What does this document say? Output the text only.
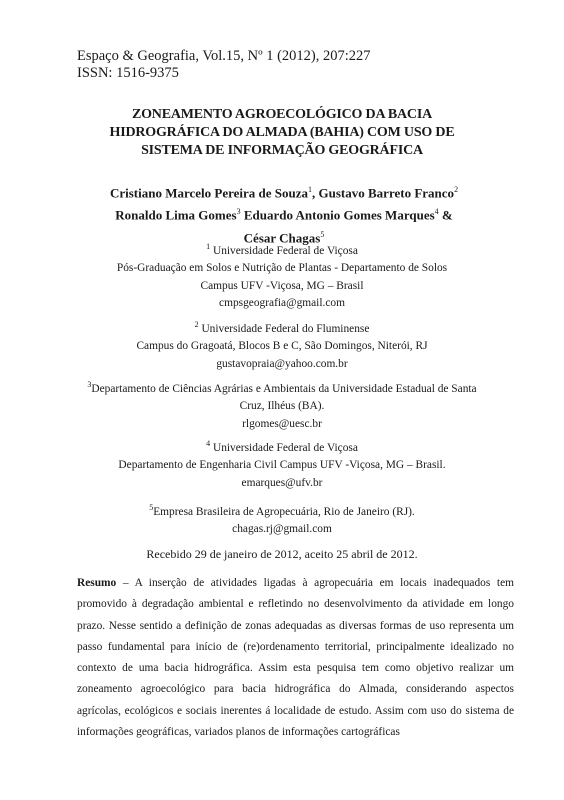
Espaço & Geografia, Vol.15, Nº 1 (2012), 207:227
ISSN: 1516-9375
ZONEAMENTO AGROECOLÓGICO DA BACIA
HIDROGRÁFICA DO ALMADA (BAHIA) COM USO DE
SISTEMA DE INFORMAÇÃO GEOGRÁFICA
Cristiano Marcelo Pereira de Souza$^1$, Gustavo Barreto Franco$^2$
Ronaldo Lima Gomes$^3$ Eduardo Antonio Gomes Marques$^4$ &
César Chagas$^5$
$^1$ Universidade Federal de Viçosa
Pós-Graduação em Solos e Nutrição de Plantas - Departamento de Solos
Campus UFV -Viçosa, MG – Brasil
cmpsgeografia@gmail.com
$^2$ Universidade Federal do Fluminense
Campus do Gragoatá, Blocos B e C, São Domingos, Niterói, RJ
gustavopraia@yahoo.com.br
$^3$Departamento de Ciências Agrárias e Ambientais da Universidade Estadual de Santa
Cruz, Ilhéus (BA).
rlgomes@uesc.br
$^4$ Universidade Federal de Viçosa
Departamento de Engenharia Civil Campus UFV -Viçosa, MG – Brasil.
emarques@ufv.br
$^5$Empresa Brasileira de Agropecuária, Rio de Janeiro (RJ).
chagas.rj@gmail.com
Recebido 29 de janeiro de 2012, aceito 25 abril de 2012.
Resumo – A inserção de atividades ligadas à agropecuária em locais inadequados tem promovido à degradação ambiental e refletindo no desenvolvimento da atividade em longo prazo. Nesse sentido a definição de zonas adequadas as diversas formas de uso representa um passo fundamental para início de (re)ordenamento territorial, principalmente idealizado no contexto de uma bacia hidrográfica. Assim esta pesquisa tem como objetivo realizar um zoneamento agroecológico para bacia hidrográfica do Almada, considerando aspectos agrícolas, ecológicos e sociais inerentes á localidade de estudo. Assim com uso do sistema de informações geográficas, variados planos de informações cartográficas
